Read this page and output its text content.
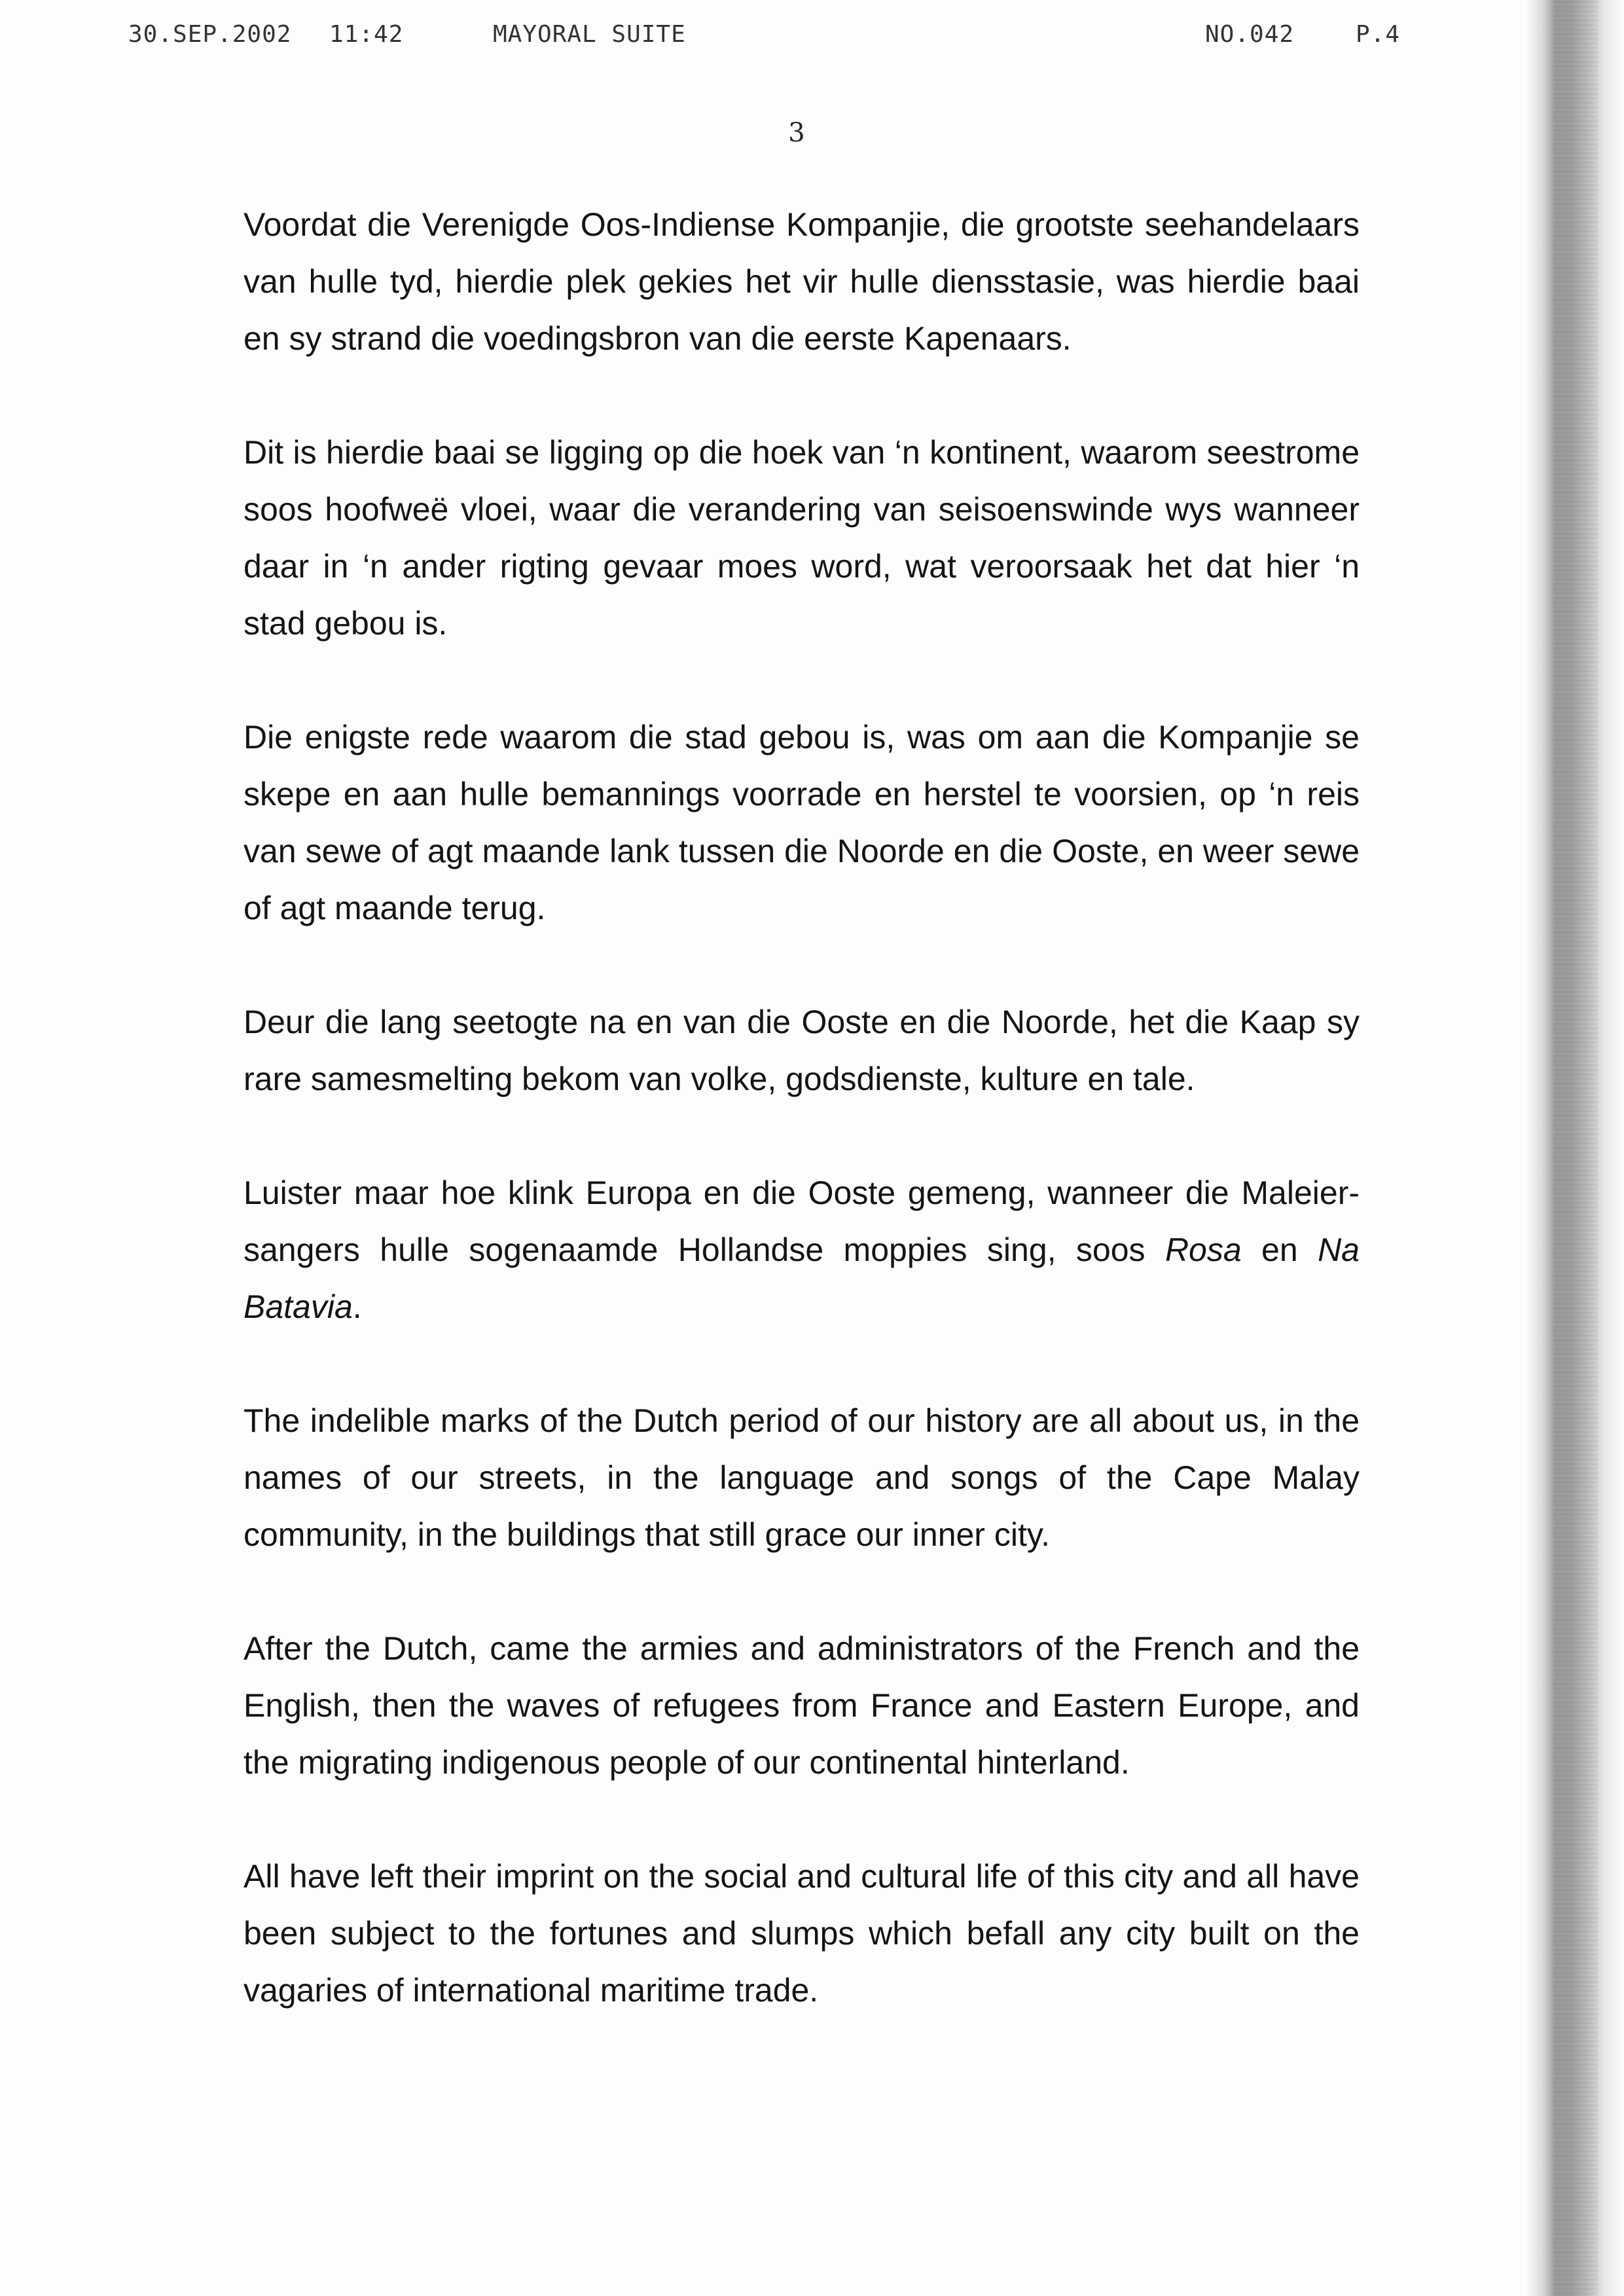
30.SEP.2002 11:42	MAYORAL SUITE	NO.042	P.4
3

Voordat die Verenigde Oos-Indiense Kompanjie, die grootste seehandelaars van hulle tyd, hierdie plek gekies het vir hulle diensstasie, was hierdie baai en sy strand die voedingsbron van die eerste Kapenaars.

Dit is hierdie baai se ligging op die hoek van ‘n kontinent, waarom seestrome soos hoofweë vloei, waar die verandering van seisoenswinde wys wanneer daar in ‘n ander rigting gevaar moes word, wat veroorsaak het dat hier ‘n stad gebou is.

Die enigste rede waarom die stad gebou is, was om aan die Kompanjie se skepe en aan hulle bemannings voorrade en herstel te voorsien, op ‘n reis van sewe of agt maande lank tussen die Noorde en die Ooste, en weer sewe of agt maande terug.

Deur die lang seetogte na en van die Ooste en die Noorde, het die Kaap sy rare samesmelting bekom van volke, godsdienste, kulture en tale.

Luister maar hoe klink Europa en die Ooste gemeng, wanneer die Maleier-sangers hulle sogenaamde Hollandse moppies sing, soos Rosa en Na Batavia.

The indelible marks of the Dutch period of our history are all about us, in the names of our streets, in the language and songs of the Cape Malay community, in the buildings that still grace our inner city.

After the Dutch, came the armies and administrators of the French and the English, then the waves of refugees from France and Eastern Europe, and the migrating indigenous people of our continental hinterland.

All have left their imprint on the social and cultural life of this city and all have been subject to the fortunes and slumps which befall any city built on the vagaries of international maritime trade.
